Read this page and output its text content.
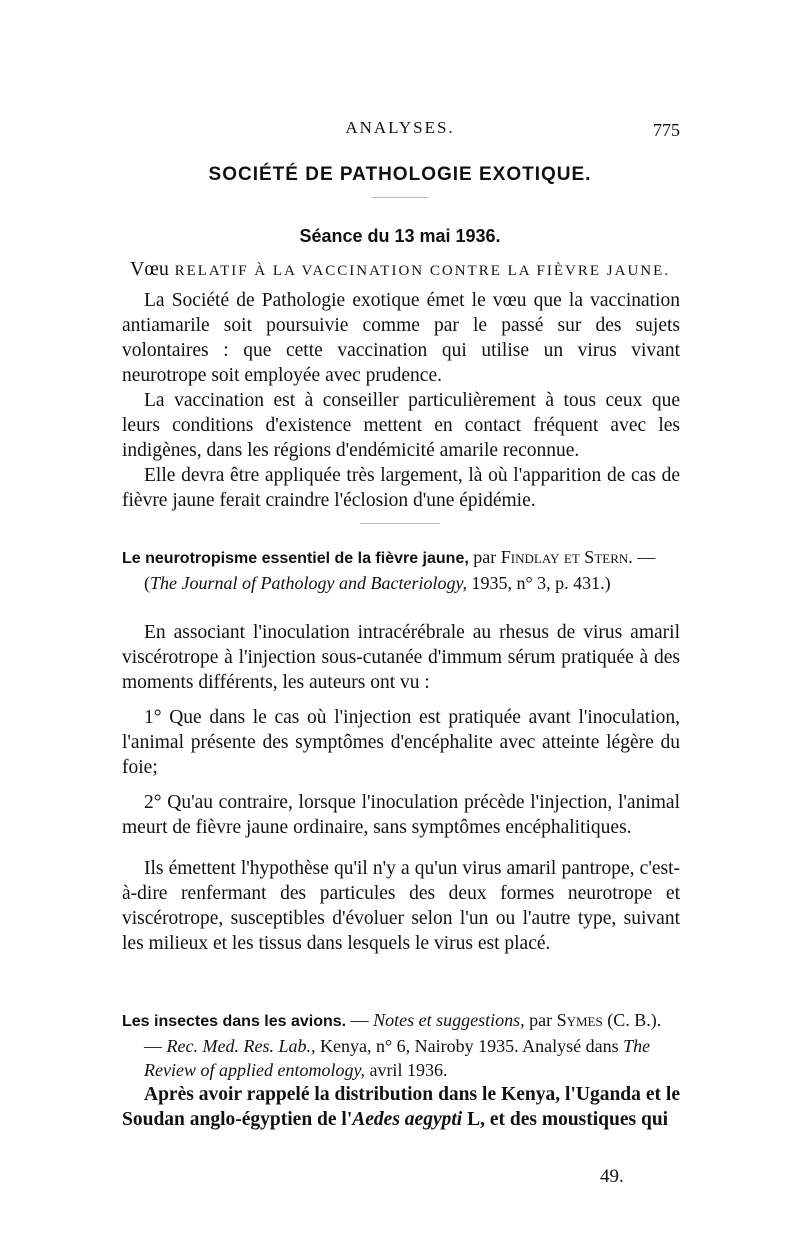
ANALYSES.	775
SOCIÉTÉ DE PATHOLOGIE EXOTIQUE.
Séance du 13 mai 1936.
Vœu RELATIF À LA VACCINATION CONTRE LA FIÈVRE JAUNE.

La Société de Pathologie exotique émet le vœu que la vaccination antiamarile soit poursuivie comme par le passé sur des sujets volontaires : que cette vaccination qui utilise un virus vivant neurotrope soit employée avec prudence.

La vaccination est à conseiller particulièrement à tous ceux que leurs conditions d'existence mettent en contact fréquent avec les indigènes, dans les régions d'endémicité amarile reconnue.

Elle devra être appliquée très largement, là où l'apparition de cas de fièvre jaune ferait craindre l'éclosion d'une épidémie.

Le neurotropisme essentiel de la fièvre jaune, par Findlay et Stern. — (The Journal of Pathology and Bacteriology, 1935, n° 3, p. 431.)

En associant l'inoculation intracérébrale au rhesus de virus amaril viscérotrope à l'injection sous-cutanée d'immum sérum pratiquée à des moments différents, les auteurs ont vu :

1° Que dans le cas où l'injection est pratiquée avant l'inoculation, l'animal présente des symptômes d'encéphalite avec atteinte légère du foie;

2° Qu'au contraire, lorsque l'inoculation précède l'injection, l'animal meurt de fièvre jaune ordinaire, sans symptômes encéphalitiques.

Ils émettent l'hypothèse qu'il n'y a qu'un virus amaril pantrope, c'est-à-dire renfermant des particules des deux formes neurotrope et viscérotrope, susceptibles d'évoluer selon l'un ou l'autre type, suivant les milieux et les tissus dans lesquels le virus est placé.

Les insectes dans les avions. — Notes et suggestions, par Symes (C. B.). — Rec. Med. Res. Lab., Kenya, n° 6, Nairoby 1935. Analysé dans The Review of applied entomology, avril 1936.

Après avoir rappelé la distribution dans le Kenya, l'Uganda et le Soudan anglo-égyptien de l'Aedes aegypti L, et des moustiques qui

49.
